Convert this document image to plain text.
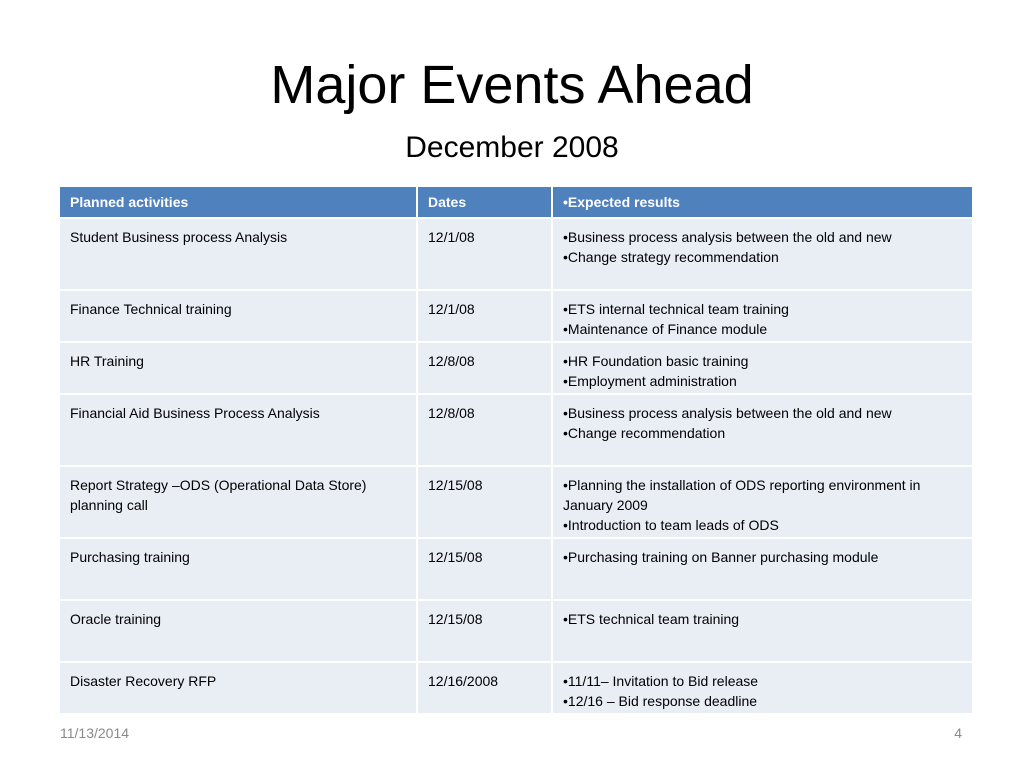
Major Events Ahead
December 2008
Planned activities	Dates	•Expected results
Student Business process Analysis	12/1/08	•Business process analysis between the old and new
•Change strategy recommendation

Finance Technical training	12/1/08	•ETS internal technical team training
•Maintenance of Finance module

HR Training	12/8/08	•HR Foundation basic training
•Employment administration

Financial Aid Business Process Analysis	12/8/08	•Business process analysis between the old and new
•Change recommendation

Report Strategy –ODS (Operational Data Store) planning call	12/15/08	•Planning the installation of ODS reporting environment in January 2009
•Introduction to team leads of ODS

Purchasing training	12/15/08	•Purchasing training on Banner purchasing module

Oracle training	12/15/08	•ETS technical team training

Disaster Recovery RFP	12/16/2008	•11/11– Invitation to Bid release
•12/16 – Bid response deadline
11/13/2014	4
